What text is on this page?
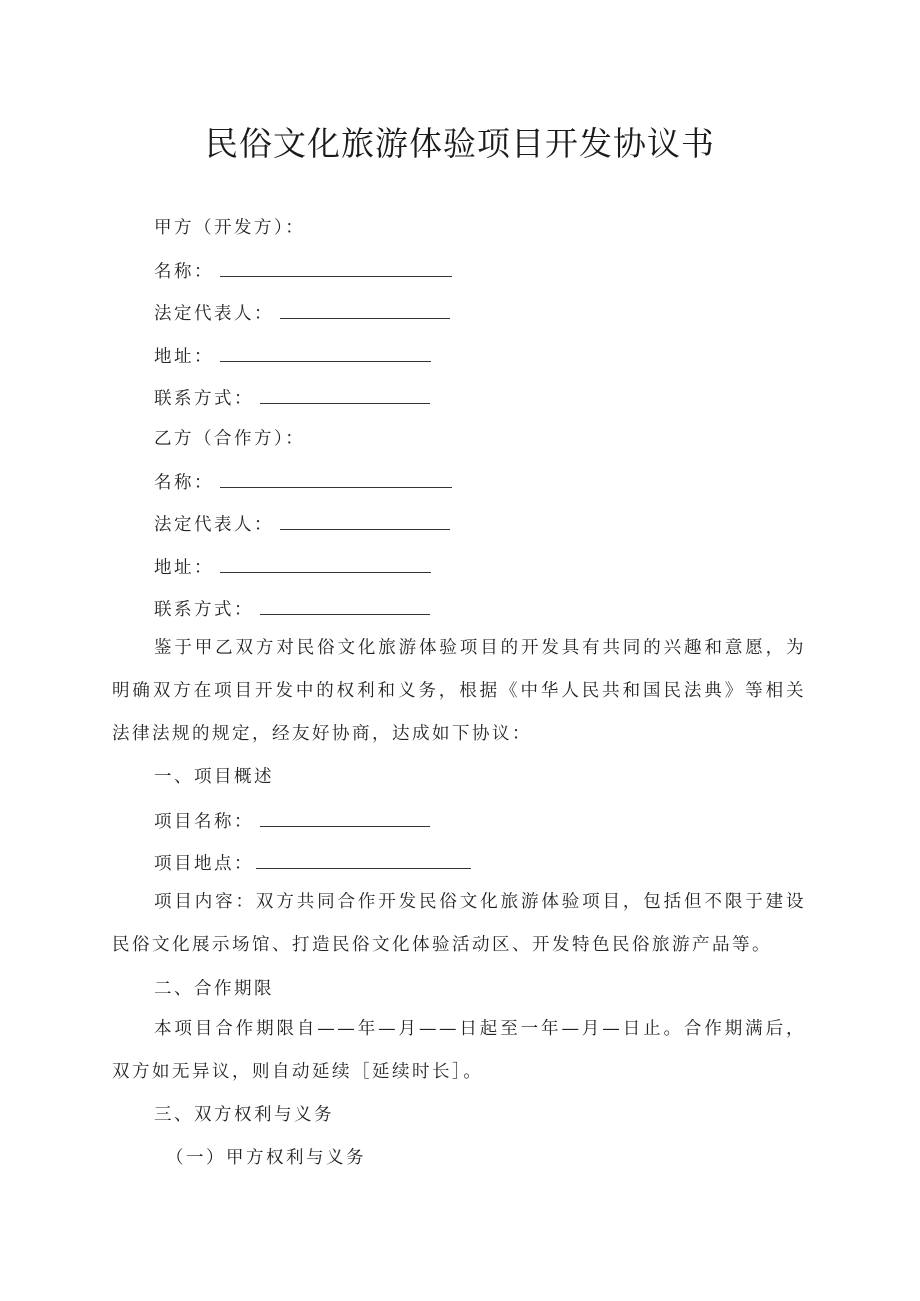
民俗文化旅游体验项目开发协议书
甲方（开发方）：
名称：
法定代表人：
地址：
联系方式：
乙方（合作方）：
名称：
法定代表人：
地址：
联系方式：
鉴于甲乙双方对民俗文化旅游体验项目的开发具有共同的兴趣和意愿，为明确双方在项目开发中的权利和义务，根据《中华人民共和国民法典》等相关法律法规的规定，经友好协商，达成如下协议：
一、项目概述
项目名称：
项目地点：
项目内容：双方共同合作开发民俗文化旅游体验项目，包括但不限于建设民俗文化展示场馆、打造民俗文化体验活动区、开发特色民俗旅游产品等。
二、合作期限
本项目合作期限自——年—月——日起至一年—月—日止。合作期满后，双方如无异议，则自动延续［延续时长］。
三、双方权利与义务
（一）甲方权利与义务
